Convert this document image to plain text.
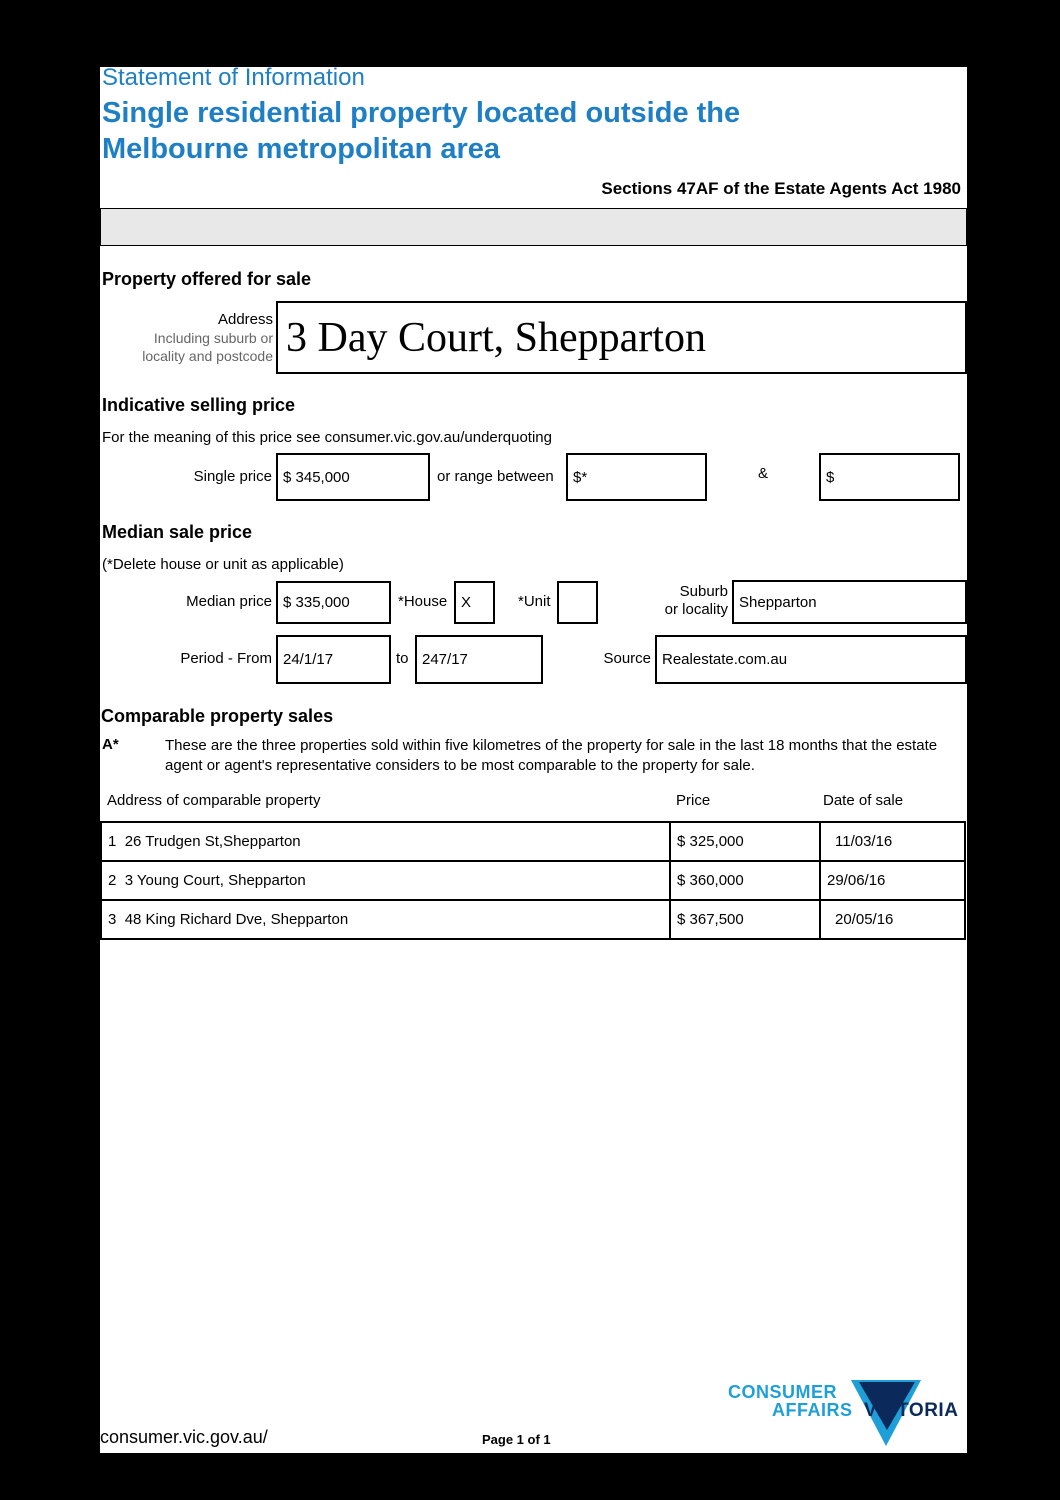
Statement of Information
Single residential property located outside the Melbourne metropolitan area
Sections 47AF of the Estate Agents Act 1980
Property offered for sale
Address
Including suburb or
locality and postcode 3 Day Court, Shepparton
Indicative selling price
For the meaning of this price see consumer.vic.gov.au/underquoting
Single price $ 345,000	or range between	$*	&	$
Median sale price
(*Delete house or unit as applicable)
Median price $ 335,000	*House X	*Unit
Suburb
or locality Shepparton
Period - From 24/1/17	to 247/17	Source Realestate.com.au
Comparable property sales
A*	These are the three properties sold within five kilometres of the property for sale in the last 18 months that the estate agent or agent's representative considers to be most comparable to the property for sale.
Address of comparable property	Price	Date of sale
1 26 Trudgen St,Shepparton	$ 325,000	11/03/16
2 3 Young Court, Shepparton	$ 360,000	29/06/16
3 48 King Richard Dve, Shepparton	$ 367,500	20/05/16
consumer.vic.gov.au/	Page 1 of 1
CONSUMER
AFFAIRS VICTORIA
